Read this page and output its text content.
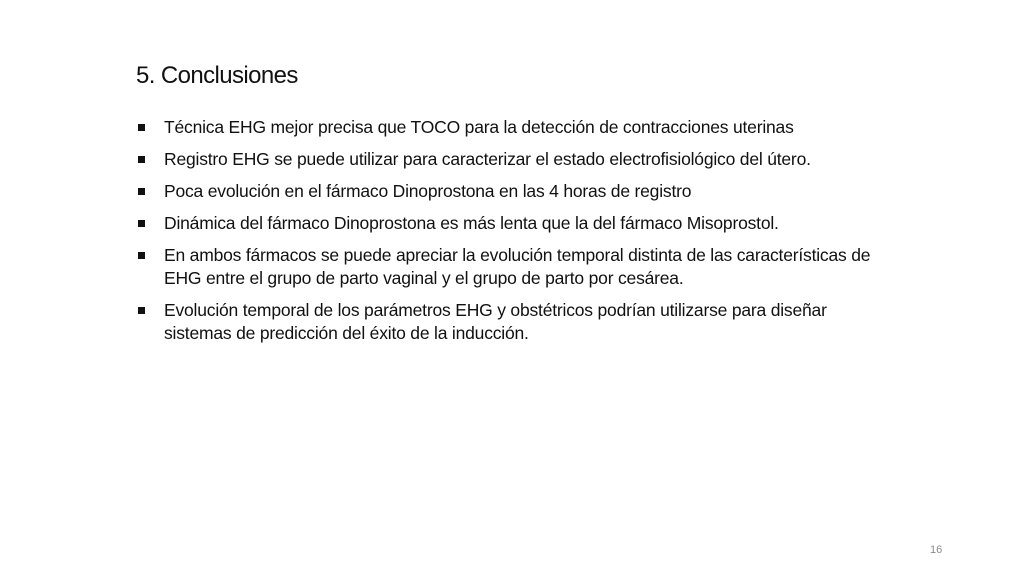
5. Conclusiones
Técnica EHG mejor precisa que TOCO para la detección de contracciones uterinas
Registro EHG se puede utilizar para caracterizar el estado electrofisiológico del útero.
Poca evolución en el fármaco Dinoprostona en las 4 horas de registro
Dinámica del fármaco Dinoprostona es más lenta que la del fármaco Misoprostol.
En ambos fármacos se puede apreciar la evolución temporal distinta de las características de EHG entre el grupo de parto vaginal y el grupo de parto por cesárea.
Evolución temporal de los parámetros EHG y obstétricos podrían utilizarse para diseñar sistemas de predicción del éxito de la inducción.
16
